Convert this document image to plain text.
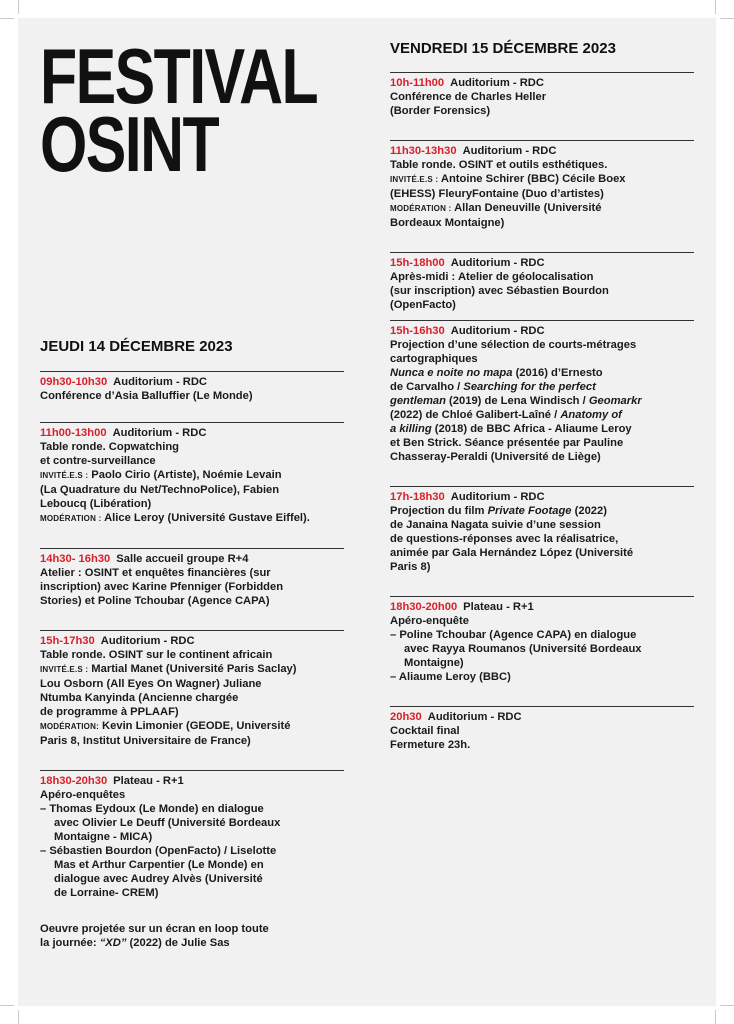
FESTIVAL
OSINT
JEUDI 14 DÉCEMBRE 2023
09h30-10h30 Auditorium - RDC
Conférence d’Asia Balluffier (Le Monde)
11h00-13h00 Auditorium - RDC
Table ronde. Copwatching
et contre-surveillance
INVITÉ.E.S : Paolo Cirio (Artiste), Noémie Levain
(La Quadrature du Net/TechnoPolice), Fabien
Leboucq (Libération)
MODÉRATION : Alice Leroy (Université Gustave Eiffel).
14h30- 16h30 Salle accueil groupe R+4
Atelier : OSINT et enquêtes financières (sur
inscription) avec Karine Pfenniger (Forbidden
Stories) et Poline Tchoubar (Agence CAPA)
15h-17h30 Auditorium - RDC
Table ronde. OSINT sur le continent africain
INVITÉ.E.S : Martial Manet (Université Paris Saclay)
Lou Osborn (All Eyes On Wagner) Juliane
Ntumba Kanyinda (Ancienne chargée
de programme à PPLAAF)
MODÉRATION: Kevin Limonier (GEODE, Université
Paris 8, Institut Universitaire de France)
18h30-20h30 Plateau - R+1
Apéro-enquêtes
– Thomas Eydoux (Le Monde) en dialogue
avec Olivier Le Deuff (Université Bordeaux
Montaigne - MICA)
– Sébastien Bourdon (OpenFacto) / Liselotte
Mas et Arthur Carpentier (Le Monde) en
dialogue avec Audrey Alvès (Université
de Lorraine- CREM)
Oeuvre projetée sur un écran en loop toute
la journée: “XD” (2022) de Julie Sas
VENDREDI 15 DÉCEMBRE 2023
10h-11h00 Auditorium - RDC
Conférence de Charles Heller
(Border Forensics)
11h30-13h30 Auditorium - RDC
Table ronde. OSINT et outils esthétiques.
INVITÉ.E.S : Antoine Schirer (BBC) Cécile Boex
(EHESS) FleuryFontaine (Duo d’artistes)
MODÉRATION : Allan Deneuville (Université
Bordeaux Montaigne)
15h-18h00 Auditorium - RDC
Après-midi : Atelier de géolocalisation
(sur inscription) avec Sébastien Bourdon
(OpenFacto)
15h-16h30 Auditorium - RDC
Projection d’une sélection de courts-métrages
cartographiques
Nunca e noite no mapa (2016) d’Ernesto
de Carvalho / Searching for the perfect
gentleman (2019) de Lena Windisch / Geomarkr
(2022) de Chloé Galibert-Laîné / Anatomy of
a killing (2018) de BBC Africa - Aliaume Leroy
et Ben Strick. Séance présentée par Pauline
Chasseray-Peraldi (Université de Liège)
17h-18h30 Auditorium - RDC
Projection du film Private Footage (2022)
de Janaina Nagata suivie d’une session
de questions-réponses avec la réalisatrice,
animée par Gala Hernández López (Université
Paris 8)
18h30-20h00 Plateau - R+1
Apéro-enquête
– Poline Tchoubar (Agence CAPA) en dialogue
avec Rayya Roumanos (Université Bordeaux
Montaigne)
– Aliaume Leroy (BBC)
20h30 Auditorium - RDC
Cocktail final
Fermeture 23h.
